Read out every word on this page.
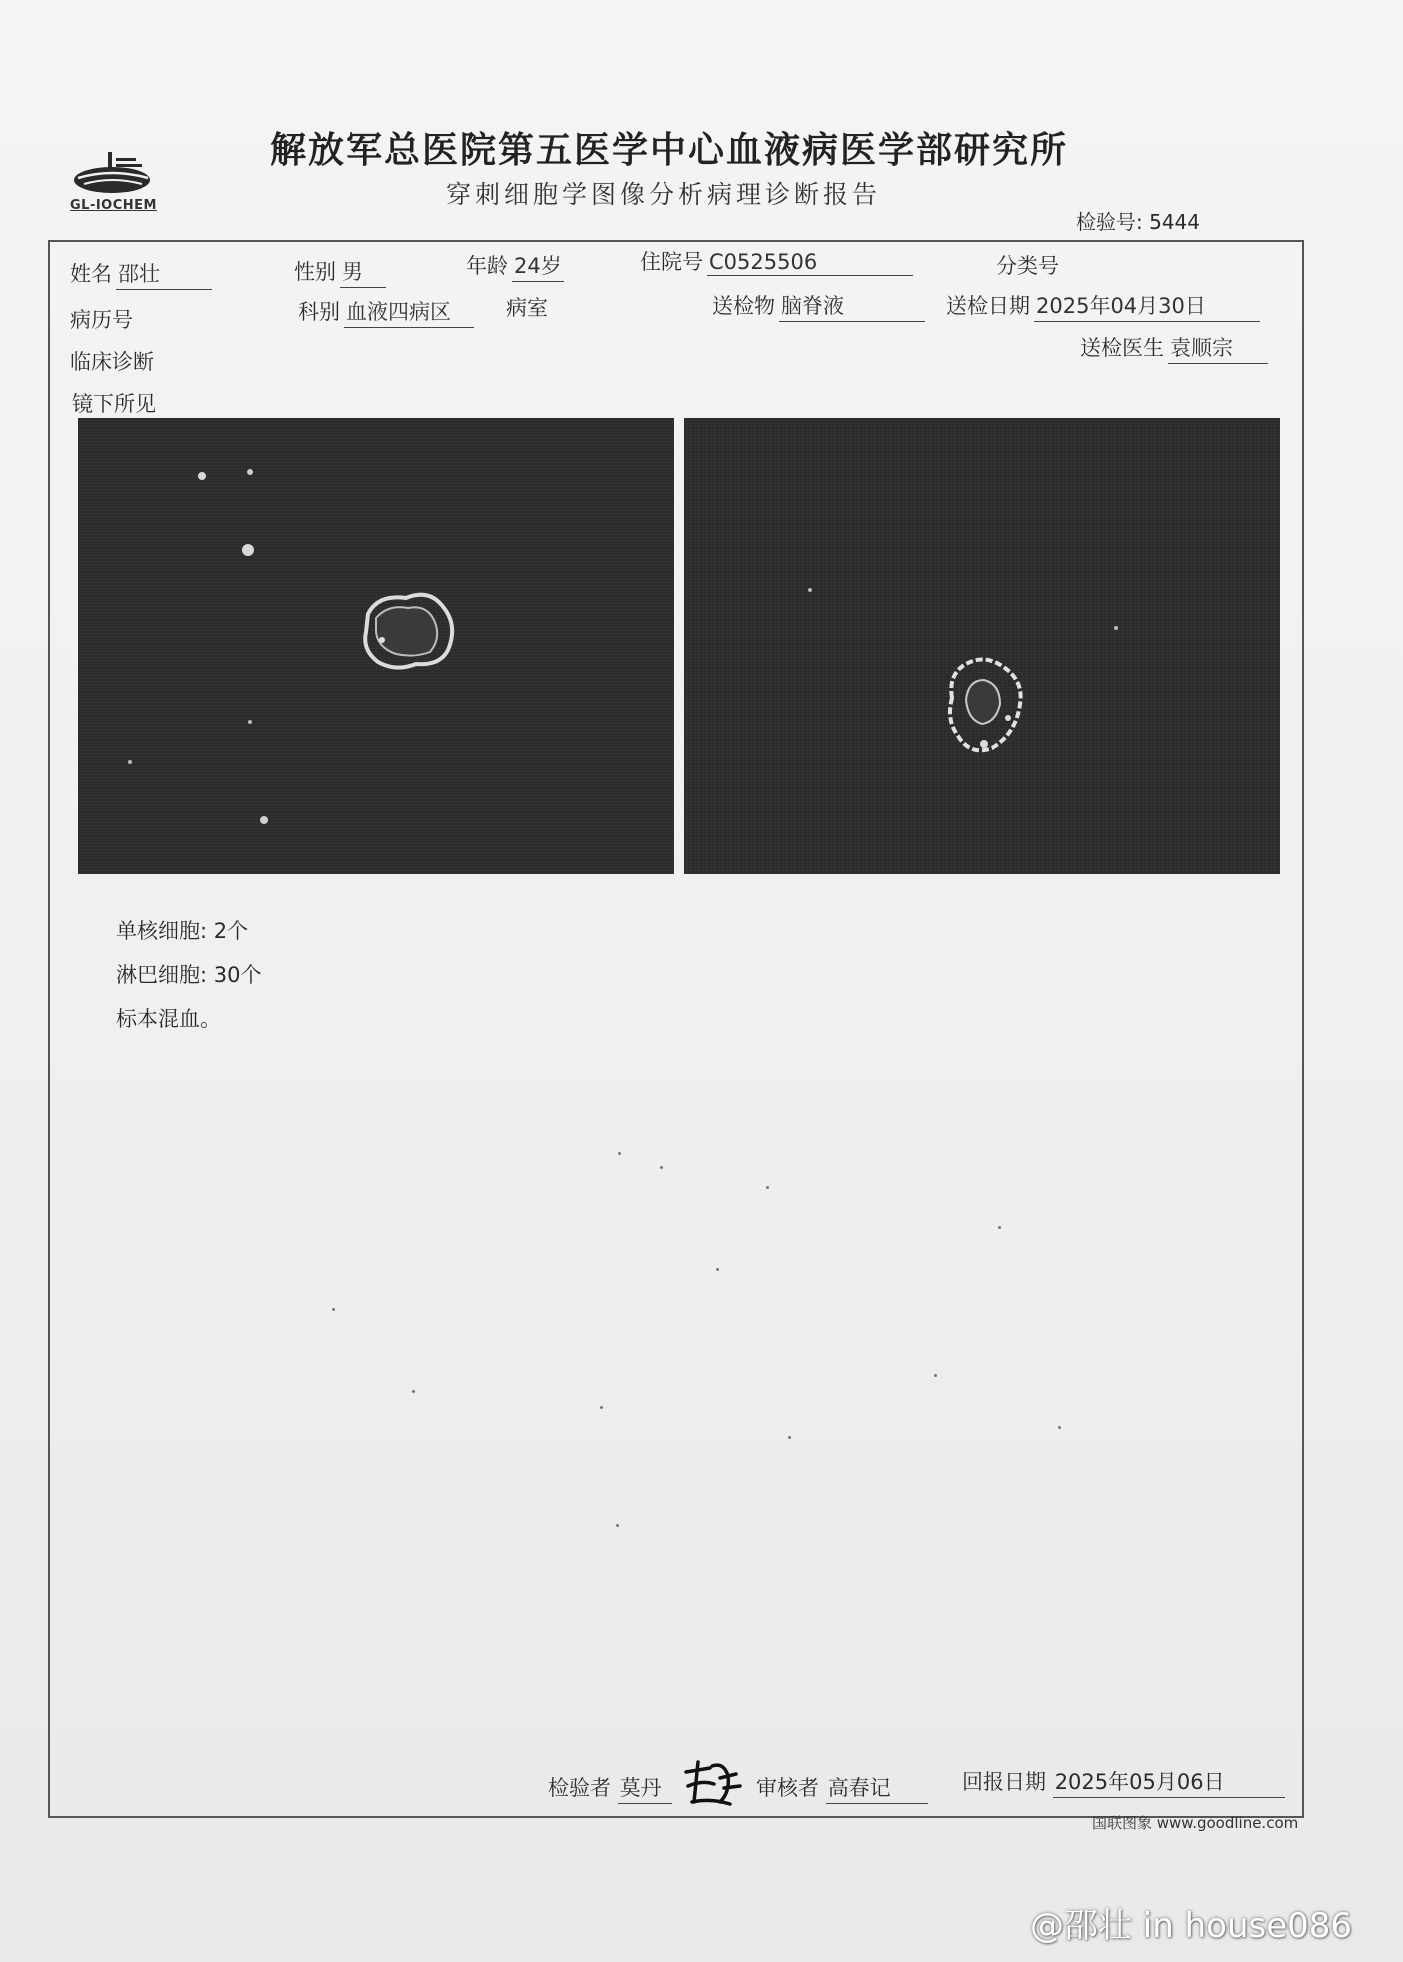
GL-IOCHEM
解放军总医院第五医学中心血液病医学部研究所
穿刺细胞学图像分析病理诊断报告
检验号: 5444
姓名 邵壮	性别 男	年龄 24岁	住院号 C0525506	分类号
病历号	科别 血液四病区	病室	送检物 脑脊液	送检日期 2025年04月30日
临床诊断
送检医生 袁顺宗
镜下所见
单核细胞: 2个
淋巴细胞: 30个
标本混血。
检验者 莫丹	审核者 高春记	回报日期 2025年05月06日
国联图象 www.goodline.com
@邵壮 in house086
